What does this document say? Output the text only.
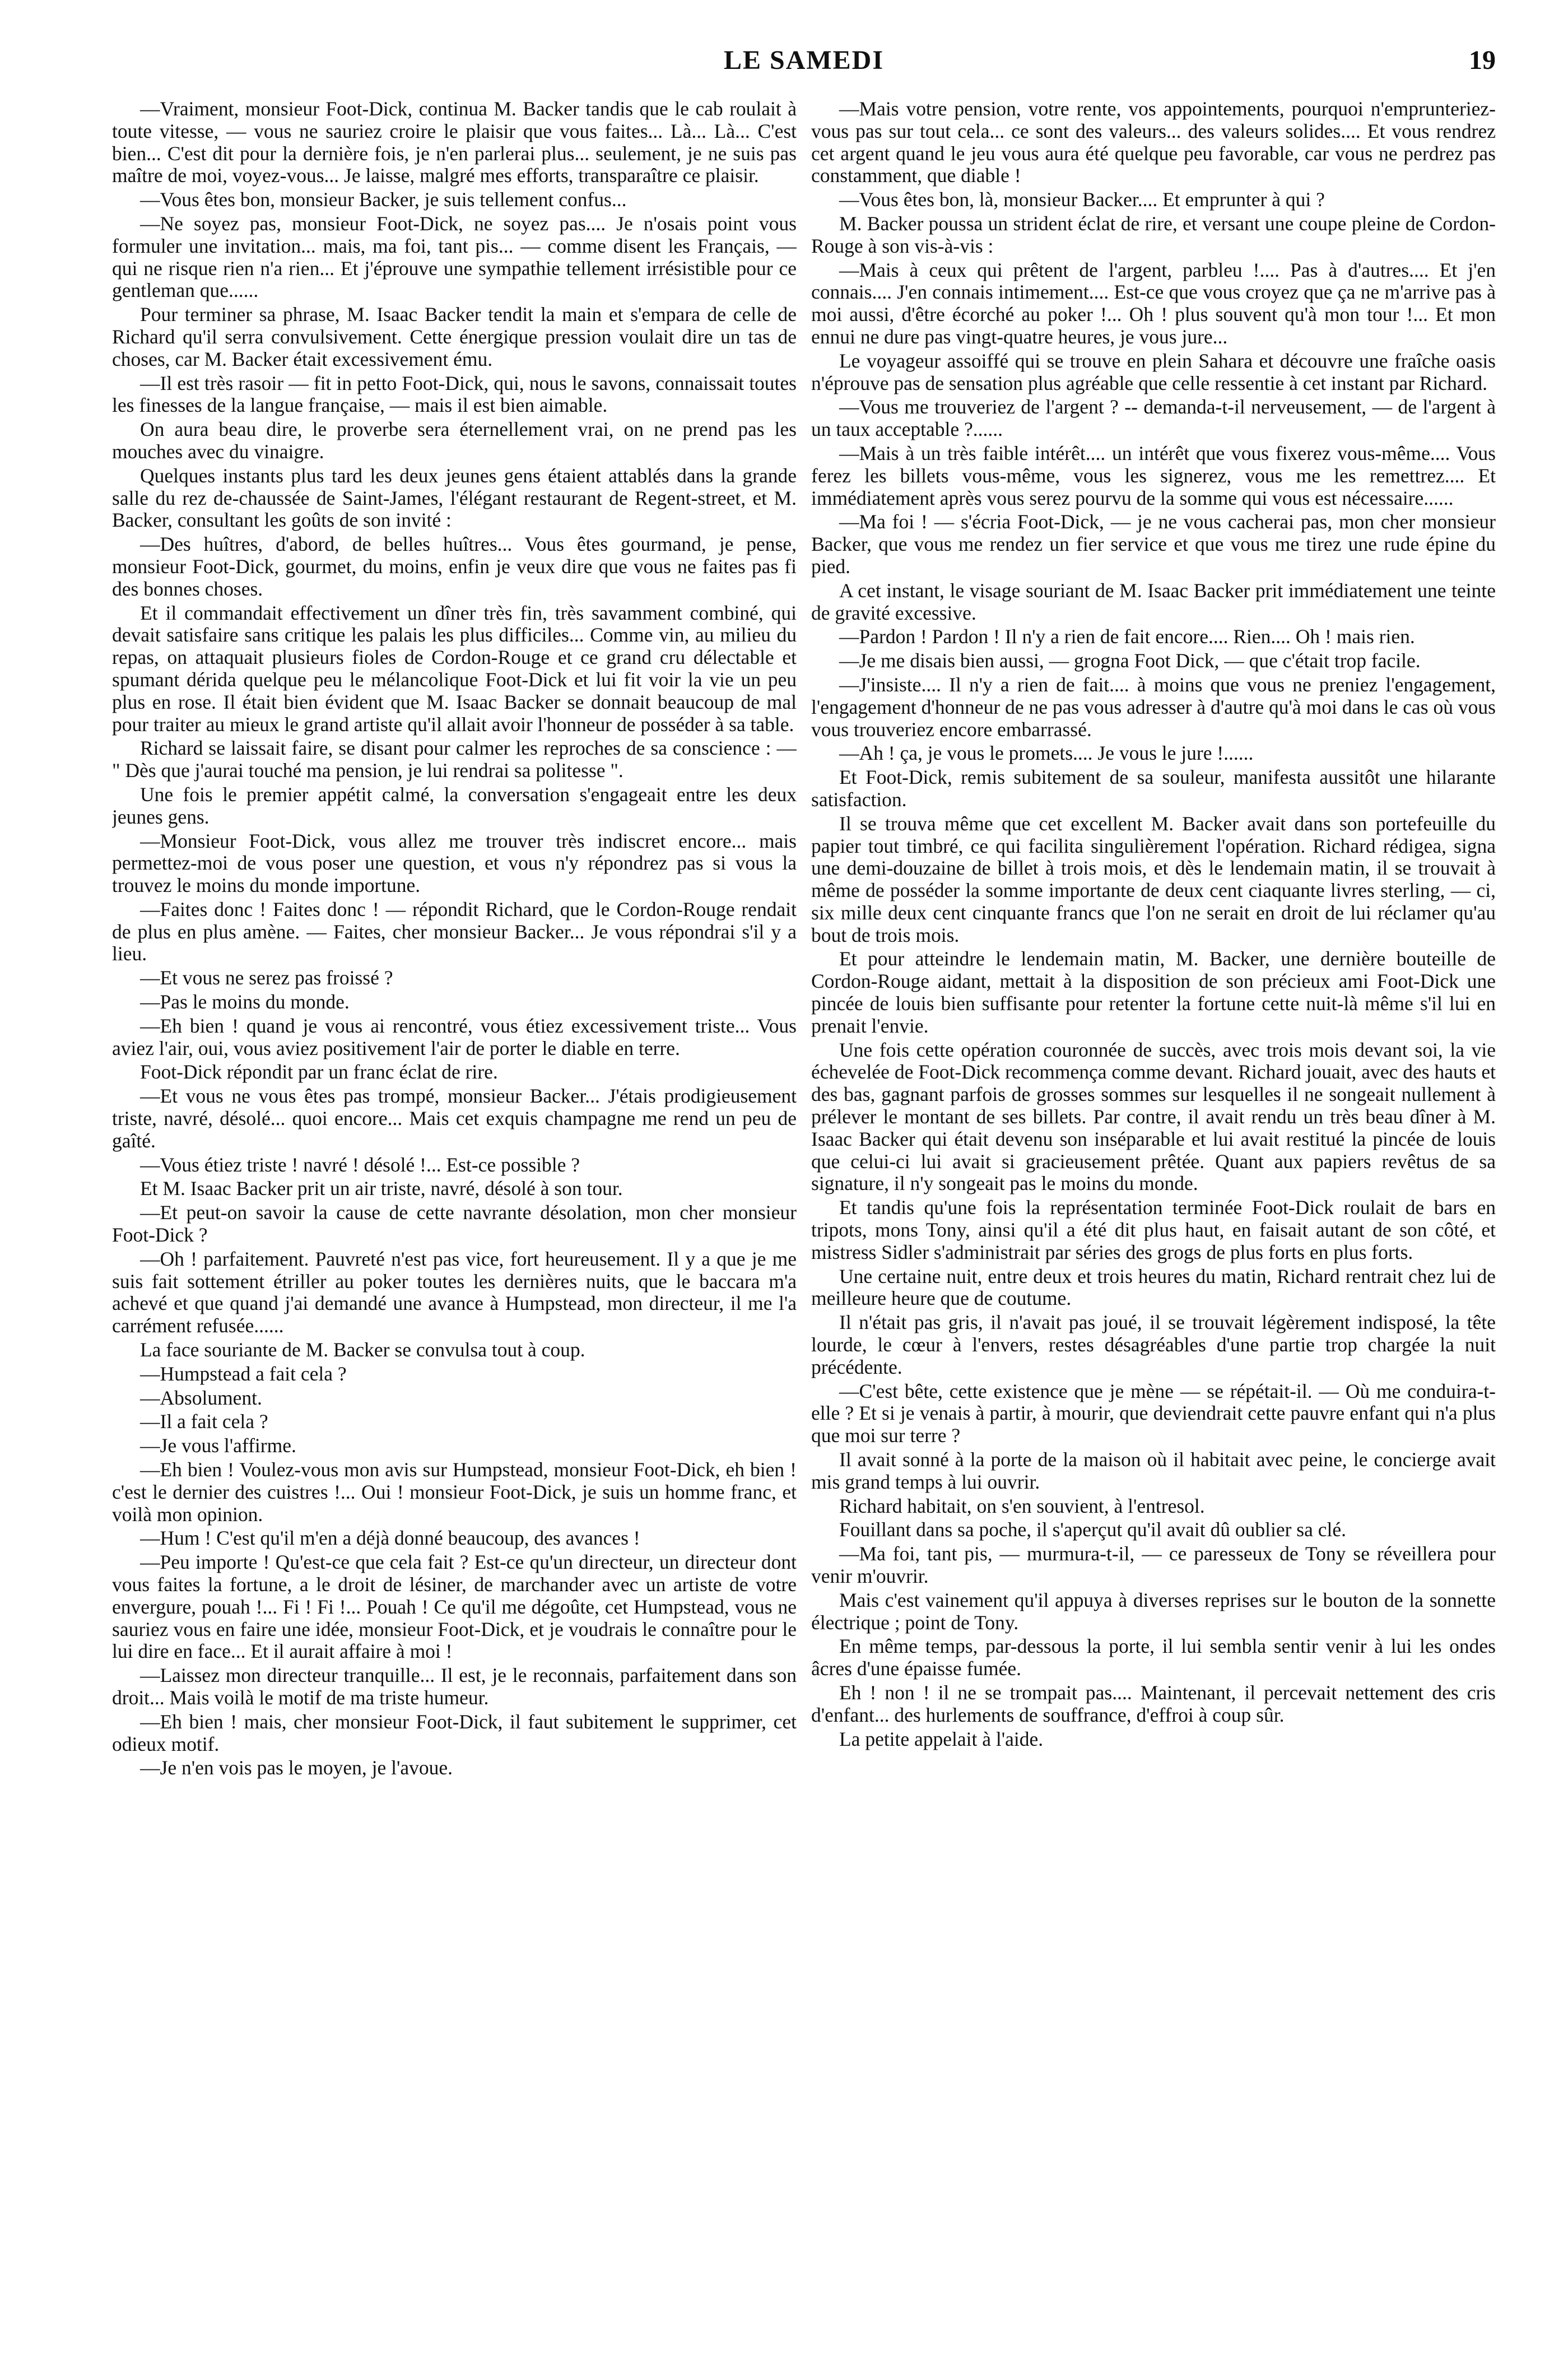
LE SAMEDI	19

—Vraiment, monsieur Foot-Dick, continua M. Backer tandis que le cab roulait à toute vitesse, — vous ne sauriez croire le plaisir que vous faites... Là... Là... C'est bien... C'est dit pour la dernière fois, je n'en parlerai plus... seulement, je ne suis pas maître de moi, voyez-vous... Je laisse, malgré mes efforts, transparaître ce plaisir.

—Vous êtes bon, monsieur Backer, je suis tellement confus...

—Ne soyez pas, monsieur Foot-Dick, ne soyez pas.... Je n'osais point vous formuler une invitation... mais, ma foi, tant pis... — comme disent les Français, — qui ne risque rien n'a rien... Et j'éprouve une sympathie tellement irrésistible pour ce gentleman que......

Pour terminer sa phrase, M. Isaac Backer tendit la main et s'empara de celle de Richard qu'il serra convulsivement. Cette énergique pression voulait dire un tas de choses, car M. Backer était excessivement ému.

—Il est très rasoir — fit in petto Foot-Dick, qui, nous le savons, connaissait toutes les finesses de la langue française, — mais il est bien aimable.

On aura beau dire, le proverbe sera éternellement vrai, on ne prend pas les mouches avec du vinaigre.

Quelques instants plus tard les deux jeunes gens étaient attablés dans la grande salle du rez de-chaussée de Saint-James, l'élégant restaurant de Regent-street, et M. Backer, consultant les goûts de son invité :

—Des huîtres, d'abord, de belles huîtres... Vous êtes gourmand, je pense, monsieur Foot-Dick, gourmet, du moins, enfin je veux dire que vous ne faites pas fi des bonnes choses.

Et il commandait effectivement un dîner très fin, très savamment combiné, qui devait satisfaire sans critique les palais les plus difficiles... Comme vin, au milieu du repas, on attaquait plusieurs fioles de Cordon-Rouge et ce grand cru délectable et spumant dérida quelque peu le mélancolique Foot-Dick et lui fit voir la vie un peu plus en rose. Il était bien évident que M. Isaac Backer se donnait beaucoup de mal pour traiter au mieux le grand artiste qu'il allait avoir l'honneur de posséder à sa table.

Richard se laissait faire, se disant pour calmer les reproches de sa conscience : — " Dès que j'aurai touché ma pension, je lui rendrai sa politesse ".

Une fois le premier appétit calmé, la conversation s'engageait entre les deux jeunes gens.

—Monsieur Foot-Dick, vous allez me trouver très indiscret encore... mais permettez-moi de vous poser une question, et vous n'y répondrez pas si vous la trouvez le moins du monde importune.

—Faites donc ! Faites donc ! — répondit Richard, que le Cordon-Rouge rendait de plus en plus amène. — Faites, cher monsieur Backer... Je vous répondrai s'il y a lieu.

—Et vous ne serez pas froissé ?

—Pas le moins du monde.

—Eh bien ! quand je vous ai rencontré, vous étiez excessivement triste... Vous aviez l'air, oui, vous aviez positivement l'air de porter le diable en terre.

Foot-Dick répondit par un franc éclat de rire.

—Et vous ne vous êtes pas trompé, monsieur Backer... J'étais prodigieusement triste, navré, désolé... quoi encore... Mais cet exquis champagne me rend un peu de gaîté.

—Vous étiez triste ! navré ! désolé !... Est-ce possible ?

Et M. Isaac Backer prit un air triste, navré, désolé à son tour.

—Et peut-on savoir la cause de cette navrante désolation, mon cher monsieur Foot-Dick ?

—Oh ! parfaitement. Pauvreté n'est pas vice, fort heureusement. Il y a que je me suis fait sottement étriller au poker toutes les dernières nuits, que le baccara m'a achevé et que quand j'ai demandé une avance à Humpstead, mon directeur, il me l'a carrément refusée......

La face souriante de M. Backer se convulsa tout à coup.

—Humpstead a fait cela ?

—Absolument.

—Il a fait cela ?

—Je vous l'affirme.

—Eh bien ! Voulez-vous mon avis sur Humpstead, monsieur Foot-Dick, eh bien ! c'est le dernier des cuistres !... Oui ! monsieur Foot-Dick, je suis un homme franc, et voilà mon opinion.

—Hum ! C'est qu'il m'en a déjà donné beaucoup, des avances !

—Peu importe ! Qu'est-ce que cela fait ? Est-ce qu'un directeur, un directeur dont vous faites la fortune, a le droit de lésiner, de marchander avec un artiste de votre envergure, pouah !... Fi ! Fi !... Pouah ! Ce qu'il me dégoûte, cet Humpstead, vous ne sauriez vous en faire une idée, monsieur Foot-Dick, et je voudrais le connaître pour le lui dire en face... Et il aurait affaire à moi !

—Laissez mon directeur tranquille... Il est, je le reconnais, parfaitement dans son droit... Mais voilà le motif de ma triste humeur.

—Eh bien ! mais, cher monsieur Foot-Dick, il faut subitement le supprimer, cet odieux motif.

—Je n'en vois pas le moyen, je l'avoue.

—Mais votre pension, votre rente, vos appointements, pourquoi n'emprunteriez-vous pas sur tout cela... ce sont des valeurs... des valeurs solides.... Et vous rendrez cet argent quand le jeu vous aura été quelque peu favorable, car vous ne perdrez pas constamment, que diable !

—Vous êtes bon, là, monsieur Backer.... Et emprunter à qui ?

M. Backer poussa un strident éclat de rire, et versant une coupe pleine de Cordon-Rouge à son vis-à-vis :

—Mais à ceux qui prêtent de l'argent, parbleu !.... Pas à d'autres.... Et j'en connais.... J'en connais intimement.... Est-ce que vous croyez que ça ne m'arrive pas à moi aussi, d'être écorché au poker !... Oh ! plus souvent qu'à mon tour !... Et mon ennui ne dure pas vingt-quatre heures, je vous jure...

Le voyageur assoiffé qui se trouve en plein Sahara et découvre une fraîche oasis n'éprouve pas de sensation plus agréable que celle ressentie à cet instant par Richard.

—Vous me trouveriez de l'argent ? -- demanda-t-il nerveusement, — de l'argent à un taux acceptable ?......

—Mais à un très faible intérêt.... un intérêt que vous fixerez vous-même.... Vous ferez les billets vous-même, vous les signerez, vous me les remettrez.... Et immédiatement après vous serez pourvu de la somme qui vous est nécessaire......

—Ma foi ! — s'écria Foot-Dick, — je ne vous cacherai pas, mon cher monsieur Backer, que vous me rendez un fier service et que vous me tirez une rude épine du pied.

A cet instant, le visage souriant de M. Isaac Backer prit immédiatement une teinte de gravité excessive.

—Pardon ! Pardon ! Il n'y a rien de fait encore.... Rien.... Oh ! mais rien.

—Je me disais bien aussi, — grogna Foot Dick, — que c'était trop facile.

—J'insiste.... Il n'y a rien de fait.... à moins que vous ne preniez l'engagement, l'engagement d'honneur de ne pas vous adresser à d'autre qu'à moi dans le cas où vous vous trouveriez encore embarrassé.

—Ah ! ça, je vous le promets.... Je vous le jure !......

Et Foot-Dick, remis subitement de sa souleur, manifesta aussitôt une hilarante satisfaction.

Il se trouva même que cet excellent M. Backer avait dans son portefeuille du papier tout timbré, ce qui facilita singulièrement l'opération. Richard rédigea, signa une demi-douzaine de billet à trois mois, et dès le lendemain matin, il se trouvait à même de posséder la somme importante de deux cent ciaquante livres sterling, — ci, six mille deux cent cinquante francs que l'on ne serait en droit de lui réclamer qu'au bout de trois mois.

Et pour atteindre le lendemain matin, M. Backer, une dernière bouteille de Cordon-Rouge aidant, mettait à la disposition de son précieux ami Foot-Dick une pincée de louis bien suffisante pour retenter la fortune cette nuit-là même s'il lui en prenait l'envie.

Une fois cette opération couronnée de succès, avec trois mois devant soi, la vie échevelée de Foot-Dick recommença comme devant. Richard jouait, avec des hauts et des bas, gagnant parfois de grosses sommes sur lesquelles il ne songeait nullement à prélever le montant de ses billets. Par contre, il avait rendu un très beau dîner à M. Isaac Backer qui était devenu son inséparable et lui avait restitué la pincée de louis que celui-ci lui avait si gracieusement prêtée. Quant aux papiers revêtus de sa signature, il n'y songeait pas le moins du monde.

Et tandis qu'une fois la représentation terminée Foot-Dick roulait de bars en tripots, mons Tony, ainsi qu'il a été dit plus haut, en faisait autant de son côté, et mistress Sidler s'administrait par séries des grogs de plus forts en plus forts.

Une certaine nuit, entre deux et trois heures du matin, Richard rentrait chez lui de meilleure heure que de coutume.

Il n'était pas gris, il n'avait pas joué, il se trouvait légèrement indisposé, la tête lourde, le cœur à l'envers, restes désagréables d'une partie trop chargée la nuit précédente.

—C'est bête, cette existence que je mène — se répétait-il. — Où me conduira-t-elle ? Et si je venais à partir, à mourir, que deviendrait cette pauvre enfant qui n'a plus que moi sur terre ?

Il avait sonné à la porte de la maison où il habitait avec peine, le concierge avait mis grand temps à lui ouvrir.

Richard habitait, on s'en souvient, à l'entresol.

Fouillant dans sa poche, il s'aperçut qu'il avait dû oublier sa clé.

—Ma foi, tant pis, — murmura-t-il, — ce paresseux de Tony se réveillera pour venir m'ouvrir.

Mais c'est vainement qu'il appuya à diverses reprises sur le bouton de la sonnette électrique ; point de Tony.

En même temps, par-dessous la porte, il lui sembla sentir venir à lui les ondes âcres d'une épaisse fumée.

Eh ! non ! il ne se trompait pas.... Maintenant, il percevait nettement des cris d'enfant... des hurlements de souffrance, d'effroi à coup sûr.

La petite appelait à l'aide.
